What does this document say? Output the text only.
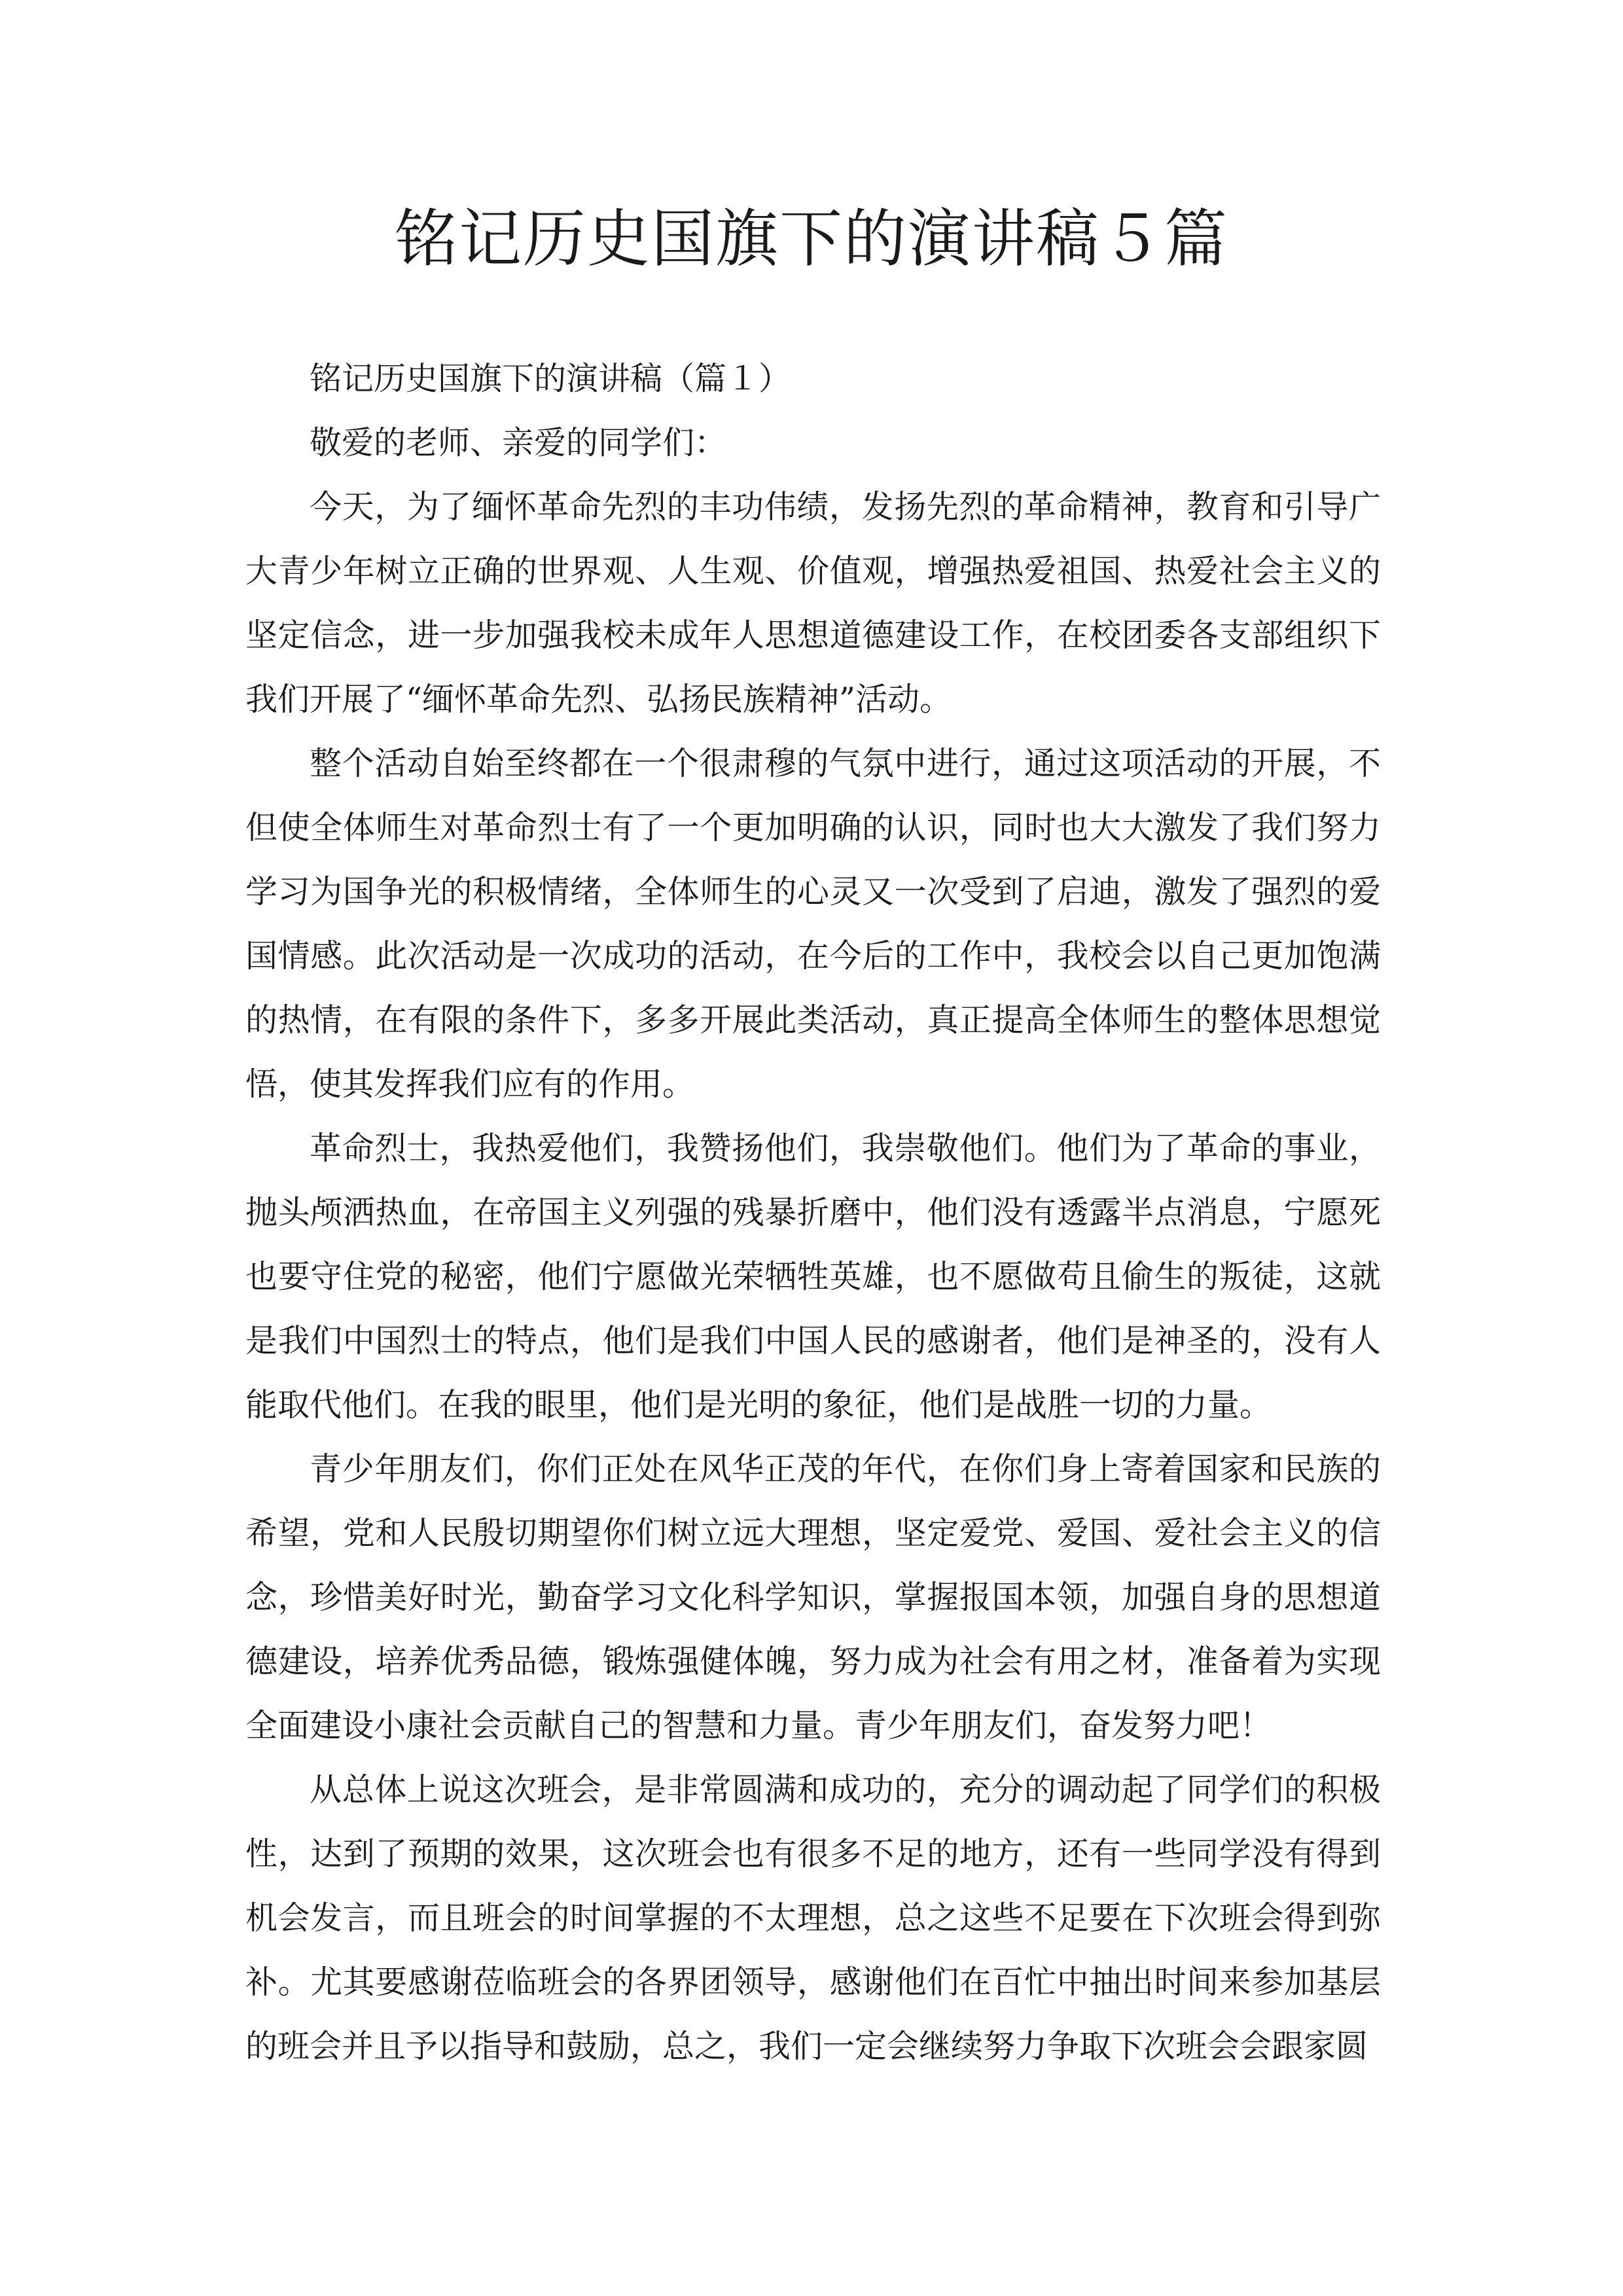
铭记历史国旗下的演讲稿５篇

铭记历史国旗下的演讲稿（篇１）

敬爱的老师、亲爱的同学们：

今天，为了缅怀革命先烈的丰功伟绩，发扬先烈的革命精神，教育和引导广大青少年树立正确的世界观、人生观、价值观，增强热爱祖国、热爱社会主义的坚定信念，进一步加强我校未成年人思想道德建设工作，在校团委各支部组织下我们开展了“缅怀革命先烈、弘扬民族精神”活动。

整个活动自始至终都在一个很肃穆的气氛中进行，通过这项活动的开展，不但使全体师生对革命烈士有了一个更加明确的认识，同时也大大激发了我们努力学习为国争光的积极情绪，全体师生的心灵又一次受到了启迪，激发了强烈的爱国情感。此次活动是一次成功的活动，在今后的工作中，我校会以自己更加饱满的热情，在有限的条件下，多多开展此类活动，真正提高全体师生的整体思想觉悟，使其发挥我们应有的作用。

革命烈士，我热爱他们，我赞扬他们，我崇敬他们。他们为了革命的事业，抛头颅洒热血，在帝国主义列强的残暴折磨中，他们没有透露半点消息，宁愿死也要守住党的秘密，他们宁愿做光荣牺牲英雄，也不愿做苟且偷生的叛徒，这就是我们中国烈士的特点，他们是我们中国人民的感谢者，他们是神圣的，没有人能取代他们。在我的眼里，他们是光明的象征，他们是战胜一切的力量。

青少年朋友们，你们正处在风华正茂的年代，在你们身上寄着国家和民族的希望，党和人民殷切期望你们树立远大理想，坚定爱党、爱国、爱社会主义的信念，珍惜美好时光，勤奋学习文化科学知识，掌握报国本领，加强自身的思想道德建设，培养优秀品德，锻炼强健体魄，努力成为社会有用之材，准备着为实现全面建设小康社会贡献自己的智慧和力量。青少年朋友们，奋发努力吧！

从总体上说这次班会，是非常圆满和成功的，充分的调动起了同学们的积极性，达到了预期的效果，这次班会也有很多不足的地方，还有一些同学没有得到机会发言，而且班会的时间掌握的不太理想，总之这些不足要在下次班会得到弥补。尤其要感谢莅临班会的各界团领导，感谢他们在百忙中抽出时间来参加基层的班会并且予以指导和鼓励，总之，我们一定会继续努力争取下次班会会跟家圆
